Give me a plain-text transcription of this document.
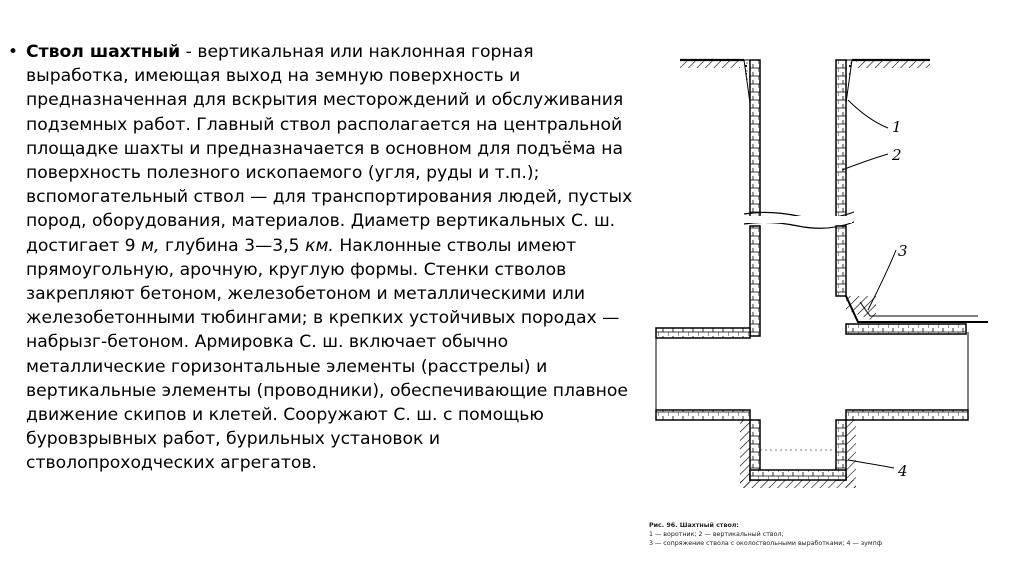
• Ствол шахтный - вертикальная или наклонная горная выработка, имеющая выход на земную поверхность и предназначенная для вскрытия месторождений и обслуживания подземных работ. Главный ствол располагается на центральной площадке шахты и предназначается в основном для подъёма на поверхность полезного ископаемого (угля, руды и т.п.); вспомогательный ствол — для транспортирования людей, пустых пород, оборудования, материалов. Диаметр вертикальных С. ш. достигает 9 м, глубина 3—3,5 км. Наклонные стволы имеют прямоугольную, арочную, круглую формы. Стенки стволов закрепляют бетоном, железобетоном и металлическими или железобетонными тюбингами; в крепких устойчивых породах — набрызг-бетоном. Армировка С. ш. включает обычно металлические горизонтальные элементы (расстрелы) и вертикальные элементы (проводники), обеспечивающие плавное движение скипов и клетей. Сооружают С. ш. с помощью буровзрывных работ, бурильных установок и стволопроходческих агрегатов.
1
2
3
4
Рис. 96. Шахтный ствол:
1 — воротник; 2 — вертикальный ствол;
3 — сопряжение ствола с околоствольными выработками; 4 — зумпф
